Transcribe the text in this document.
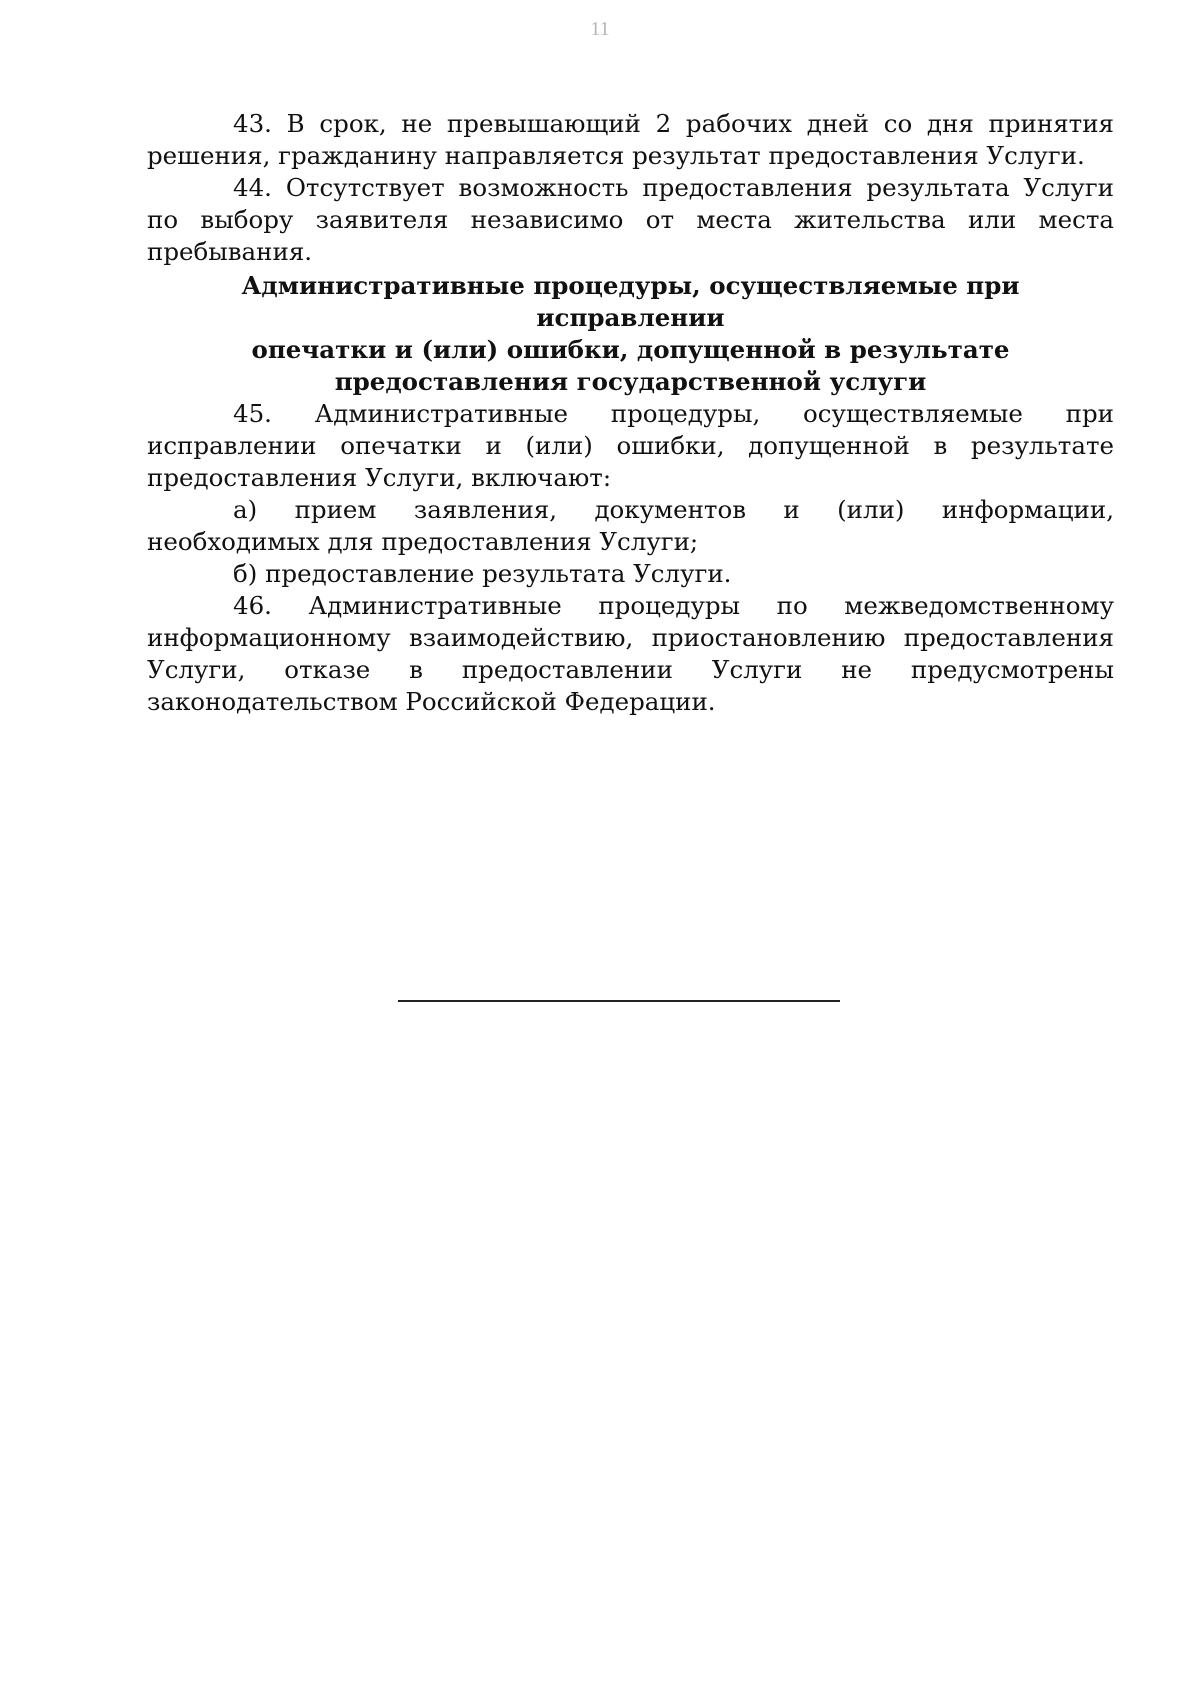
11

43. В срок, не превышающий 2 рабочих дней со дня принятия решения, гражданину направляется результат предоставления Услуги.

44. Отсутствует возможность предоставления результата Услуги по выбору заявителя независимо от места жительства или места пребывания.

Административные процедуры, осуществляемые при исправлении
опечатки и (или) ошибки, допущенной в результате
предоставления государственной услуги

45. Административные процедуры, осуществляемые при исправлении опечатки и (или) ошибки, допущенной в результате предоставления Услуги, включают:

а) прием заявления, документов и (или) информации, необходимых для предоставления Услуги;

б) предоставление результата Услуги.

46. Административные процедуры по межведомственному информационному взаимодействию, приостановлению предоставления Услуги, отказе в предоставлении Услуги не предусмотрены законодательством Российской Федерации.
